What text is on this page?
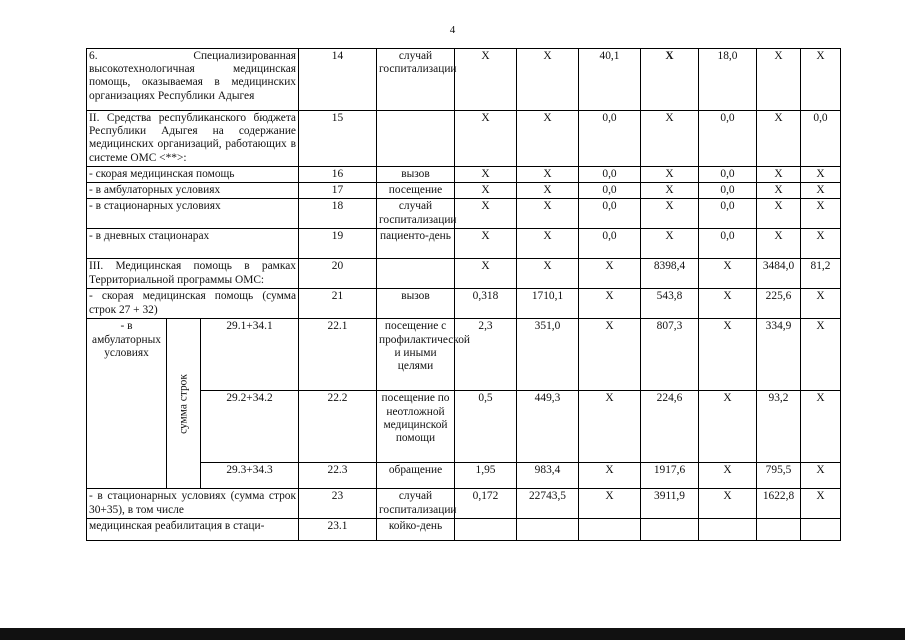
4
6. Специализированная высокотехнологичная медицинская помощь, оказываемая в медицинских организациях Республики Адыгея			14	случай госпитализации	X	X	40,1	X	18,0	X	X
II. Средства республиканского бюджета Республики Адыгея на содержание медицинских организаций, работающих в системе ОМС <**>:			15		X	X	0,0	X	0,0	X	0,0
- скорая медицинская помощь			16	вызов	X	X	0,0	X	0,0	X	X
- в амбулаторных условиях			17	посещение	X	X	0,0	X	0,0	X	X
- в стационарных условиях			18	случай госпитализации	X	X	0,0	X	0,0	X	X
- в дневных стационарах			19	пациенто-день	X	X	0,0	X	0,0	X	X
III. Медицинская помощь в рамках Территориальной программы ОМС:			20		X	X	X	8398,4	X	3484,0	81,2
- скорая медицинская помощь (сумма строк 27 + 32)			21	вызов	0,318	1710,1	X	543,8	X	225,6	X
- в амбулаторных условиях	сумма строк	29.1+34.1	22.1	посещение с профилактической и иными целями	2,3	351,0	X	807,3	X	334,9	X
		29.2+34.2	22.2	посещение по неотложной медицинской помощи	0,5	449,3	X	224,6	X	93,2	X
		29.3+34.3	22.3	обращение	1,95	983,4	X	1917,6	X	795,5	X
- в стационарных условиях (сумма строк 30+35), в том числе			23	случай госпитализации	0,172	22743,5	X	3911,9	X	1622,8	X
медицинская реабилитация в стаци-			23.1	койко-день							
